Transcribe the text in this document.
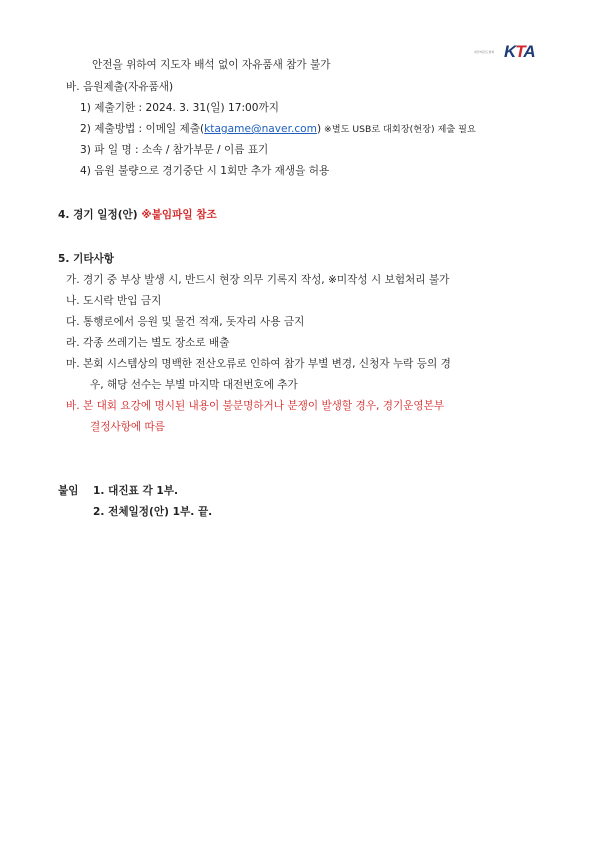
대한태권도협회 KTA
안전을 위하여 지도자 배석 없이 자유품새 참가 불가
바. 음원제출(자유품새)
1) 제출기한 : 2024. 3. 31(일) 17:00까지
2) 제출방법 : 이메일 제출(ktagame@naver.com) ※별도 USB로 대회장(현장) 제출 필요
3) 파 일 명 : 소속 / 참가부문 / 이름 표기
4) 음원 불량으로 경기중단 시 1회만 추가 재생을 허용
4. 경기 일정(안) ※붙임파일 참조
5. 기타사항
가. 경기 중 부상 발생 시, 반드시 현장 의무 기록지 작성, ※미작성 시 보험처리 불가
나. 도시락 반입 금지
다. 통행로에서 응원 및 물건 적재, 돗자리 사용 금지
라. 각종 쓰레기는 별도 장소로 배출
마. 본회 시스템상의 명백한 전산오류로 인하여 참가 부별 변경, 신청자 누락 등의 경
우, 해당 선수는 부별 마지막 대전번호에 추가
바. 본 대회 요강에 명시된 내용이 불분명하거나 분쟁이 발생할 경우, 경기운영본부
결정사항에 따름
붙임 1. 대진표 각 1부.
2. 전체일정(안) 1부. 끝.
